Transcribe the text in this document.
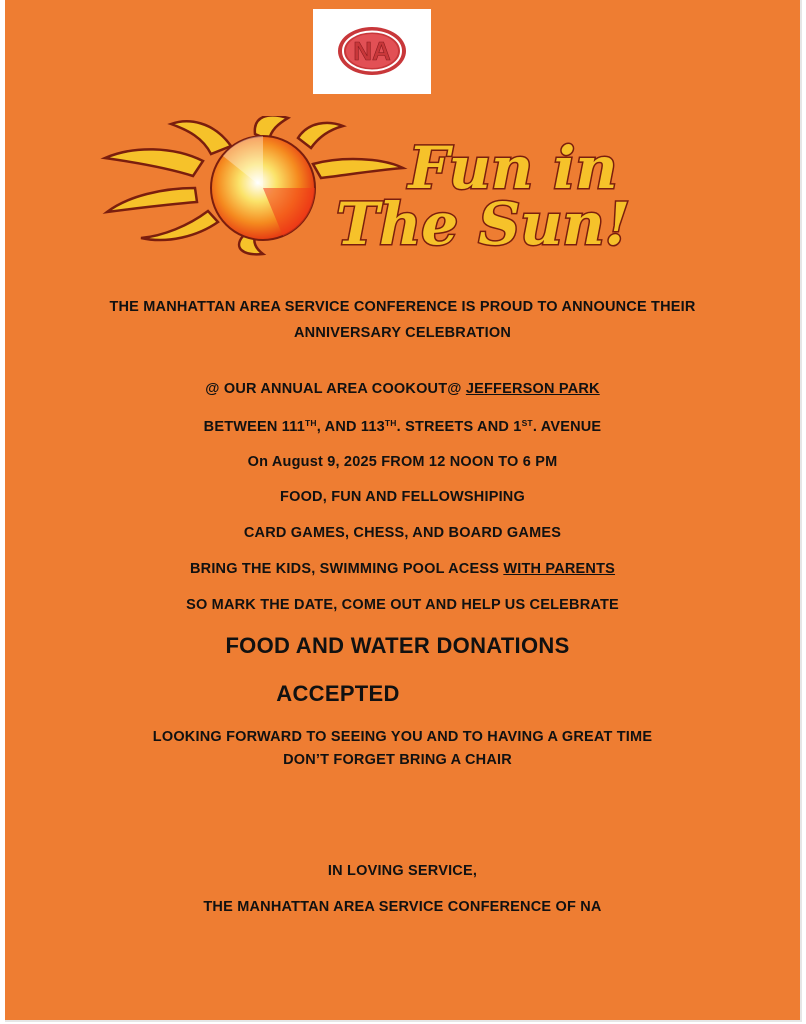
NA
Fun in
The Sun!
THE MANHATTAN AREA SERVICE CONFERENCE IS PROUD TO ANNOUNCE THEIR
ANNIVERSARY CELEBRATION
@ OUR ANNUAL AREA COOKOUT@ JEFFERSON PARK
BETWEEN 111TH, AND 113TH. STREETS AND 1ST. AVENUE
On August 9, 2025 FROM 12 NOON TO 6 PM
FOOD, FUN AND FELLOWSHIPING
CARD GAMES, CHESS, AND BOARD GAMES
BRING THE KIDS, SWIMMING POOL ACESS WITH PARENTS
SO MARK THE DATE, COME OUT AND HELP US CELEBRATE
FOOD AND WATER DONATIONS
ACCEPTED
LOOKING FORWARD TO SEEING YOU AND TO HAVING A GREAT TIME
DON’T FORGET BRING A CHAIR
IN LOVING SERVICE,
THE MANHATTAN AREA SERVICE CONFERENCE OF NA
